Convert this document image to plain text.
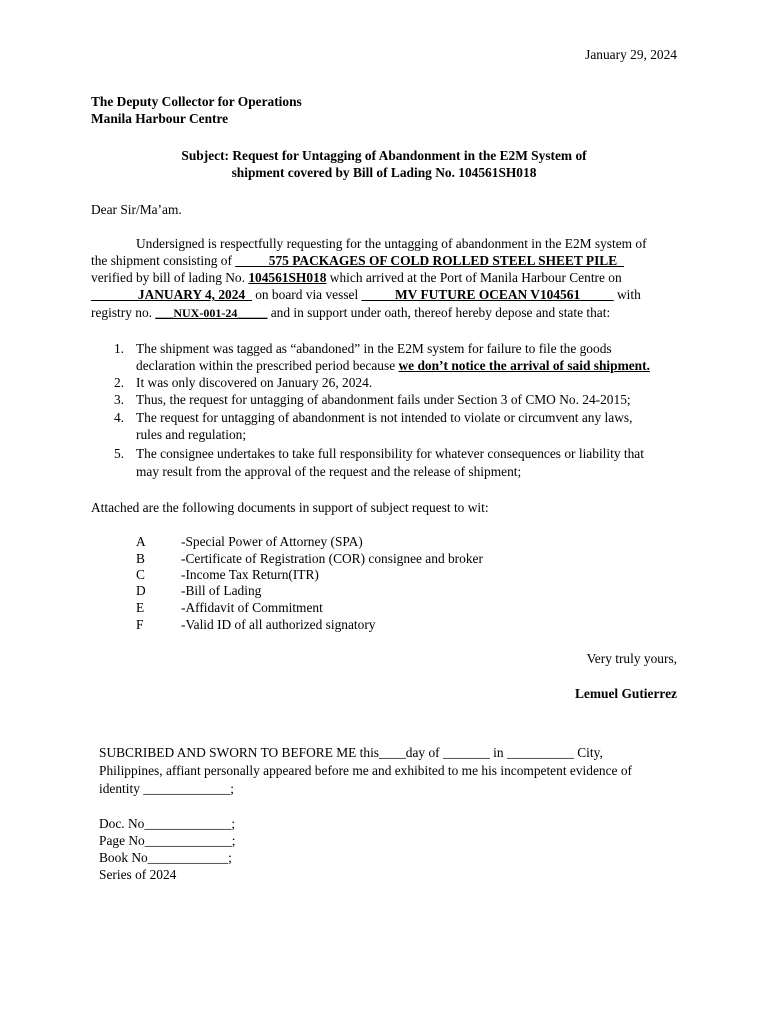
January 29, 2024
The Deputy Collector for Operations
Manila Harbour Centre
Subject: Request for Untagging of Abandonment in the E2M System of
shipment covered by Bill of Lading No. 104561SH018
Dear Sir/Ma’am.
Undersigned is respectfully requesting for the untagging of abandonment in the E2M system of
the shipment consisting of _____575 PACKAGES OF COLD ROLLED STEEL SHEET PILE_
verified by bill of lading No. 104561SH018 which arrived at the Port of Manila Harbour Centre on
_______JANUARY 4, 2024_ on board via vessel _____MV FUTURE OCEAN V104561_____ with
registry no. ___NUX-001-24_____ and in support under oath, thereof hereby depose and state that:
1. The shipment was tagged as “abandoned” in the E2M system for failure to file the goods
declaration within the prescribed period because we don’t notice the arrival of said shipment.
2. It was only discovered on January 26, 2024.
3. Thus, the request for untagging of abandonment fails under Section 3 of CMO No. 24-2015;
4. The request for untagging of abandonment is not intended to violate or circumvent any laws,
rules and regulation;
5. The consignee undertakes to take full responsibility for whatever consequences or liability that
may result from the approval of the request and the release of shipment;
Attached are the following documents in support of subject request to wit:
A	-Special Power of Attorney (SPA)
B	-Certificate of Registration (COR) consignee and broker
C	-Income Tax Return(ITR)
D	-Bill of Lading
E	-Affidavit of Commitment
F	-Valid ID of all authorized signatory
Very truly yours,
Lemuel Gutierrez
SUBCRIBED AND SWORN TO BEFORE ME this____day of _______ in __________ City,
Philippines, affiant personally appeared before me and exhibited to me his incompetent evidence of
identity _____________;
Doc. No_____________;
Page No_____________;
Book No____________;
Series of 2024
